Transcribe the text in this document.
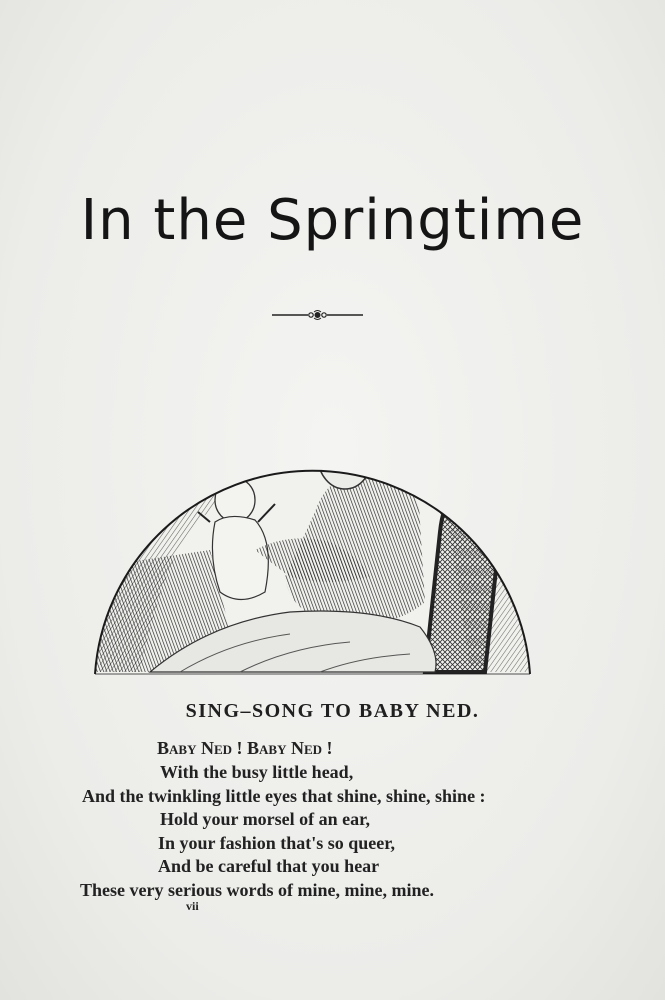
In the Springtime
SING–SONG TO BABY NED.
Baby Ned ! Baby Ned !
With the busy little head,
And the twinkling little eyes that shine, shine, shine :
Hold your morsel of an ear,
In your fashion that's so queer,
And be careful that you hear
These very serious words of mine, mine, mine.
vii
